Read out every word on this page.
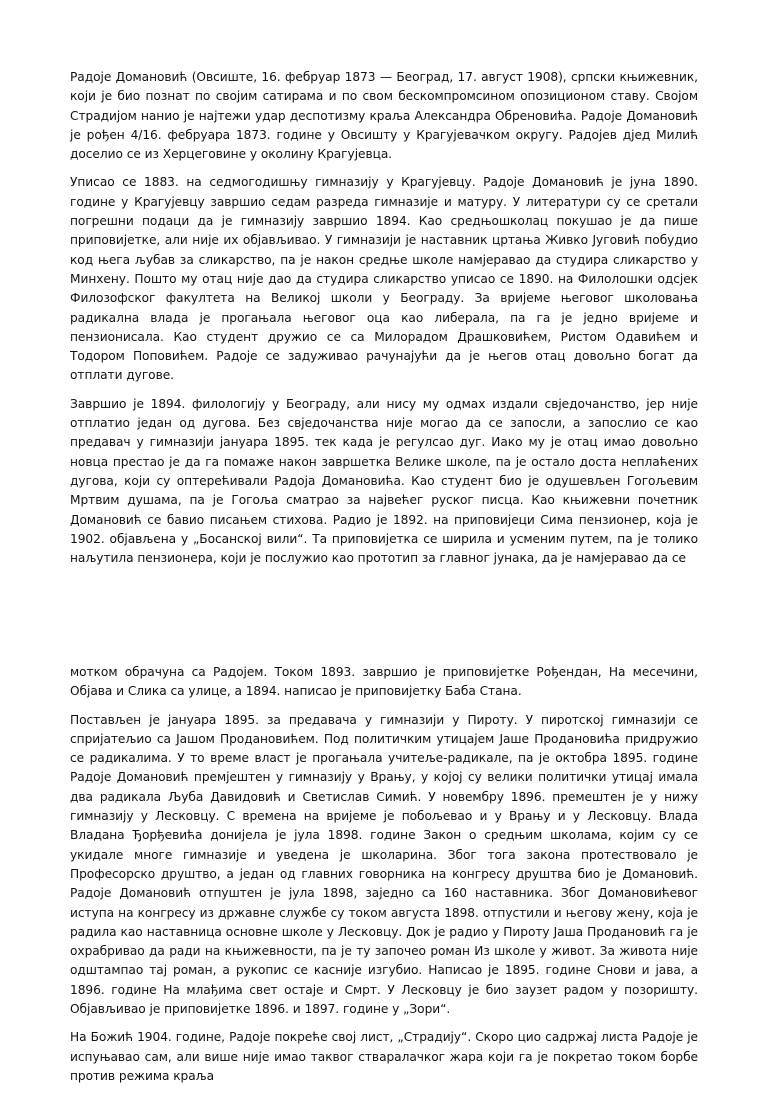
Радоје Домановић (Овсиште, 16. фебруар 1873 — Београд, 17. август 1908), српски књижевник, који је био познат по својим сатирама и по свом бескомпромсином опозиционом ставу. Својом Страдијом нанио је најтежи удар деспотизму краља Александра Обреновића. Радоје Домановић је рођен 4/16. фебруара 1873. године у Овсишту у Крагујевачком округу. Радојев дјед Милић доселио се из Херцеговине у околину Крагујевца.

Уписао се 1883. на седмогодишњу гимназију у Крагујевцу. Радоје Домановић је јуна 1890. године у Крагујевцу завршио седам разреда гимназије и матуру. У литератури су се сретали погрешни подаци да је гимназију завршио 1894. Као средњошколац покушао је да пише приповијетке, али није их објављивао. У гимназији је наставник цртања Живко Југовић побудио код њега љубав за сликарство, па је након средње школе намјеравао да студира сликарство у Минхену. Пошто му отац није дао да студира сликарство уписао се 1890. на Филолошки одсјек Филозофског факултета на Великој школи у Београду. За вријеме његовог школовања радикална влада је прогањала његовог оца као либерала, па га је једно вријеме и пензионисала. Као студент дружио се са Милорадом Драшковићем, Ристом Одавићем и Тодором Поповићем. Радоје се задуживао рачунајући да је његов отац довољно богат да отплати дугове.

Завршио је 1894. филологију у Београду, али нису му одмах издали свједочанство, јер није отплатио један од дугова. Без свједочанства није могао да се запосли, а запослио се као предавач у гимназији јануара 1895. тек када је регулсао дуг. Иако му је отац имао довољно новца престао је да га помаже након завршетка Велике школе, па је остало доста неплаћених дугова, који су оптерећивали Радоја Домановића. Као студент био је одушевљен Гогољевим Мртвим душама, па је Гогоља сматрао за највећег руског писца. Као књижевни почетник Домановић се бавио писањем стихова. Радио је 1892. на приповијеци Сима пензионер, која је 1902. објављена у „Босанској вили“. Та приповијетка се ширила и усменим путем, па је толико наљутила пензионера, који је послужио као прототип за главног јунака, да је намјеравао да се

мотком обрачуна са Радојем. Током 1893. завршио је приповијетке Рођендан, На месечини, Објава и Слика са улице, а 1894. написао је приповијетку Баба Стана.

Постављен је јануара 1895. за предавача у гимназији у Пироту. У пиротској гимназији се спријатељио са Јашом Продановићем. Под политичким утицајем Јаше Продановића придружио се радикалима. У то време власт је прогањала учитеље-радикале, па је октобра 1895. године Радоје Домановић премјештен у гимназију у Врању, у којој су велики политички утицај имала два радикала Љуба Давидовић и Светислав Симић. У новембру 1896. премештен је у нижу гимназију у Лесковцу. С времена на вријеме је побољевао и у Врању и у Лесковцу. Влада Владана Ђорђевића донијела је јула 1898. године Закон о средњим школама, којим су се укидале многе гимназије и уведена је школарина. Због тога закона протествовало је Професорско друштво, а један од главних говорника на конгресу друштва био је Домановић. Радоје Домановић отпуштен је јула 1898, заједно са 160 наставника. Због Домановићевог иступа на конгресу из државне службе су током августа 1898. отпустили и његову жену, која је радила као наставница основне школе у Лесковцу. Док је радио у Пироту Јаша Продановић га је охрабривао да ради на књижевности, па је ту започео роман Из школе у живот. За живота није одштампао тај роман, а рукопис се касније изгубио. Написао је 1895. године Снови и јава, а 1896. године На млађима свет остаје и Смрт. У Лесковцу је био заузет радом у позоришту. Објављивао је приповијетке 1896. и 1897. године у „Зори“.

На Божић 1904. године, Радоје покреће свој лист, „Страдију“. Скоро цио садржај листа Радоје је испуњавао сам, али више није имао таквог стваралачког жара који га је покретао током борбе против режима краља
